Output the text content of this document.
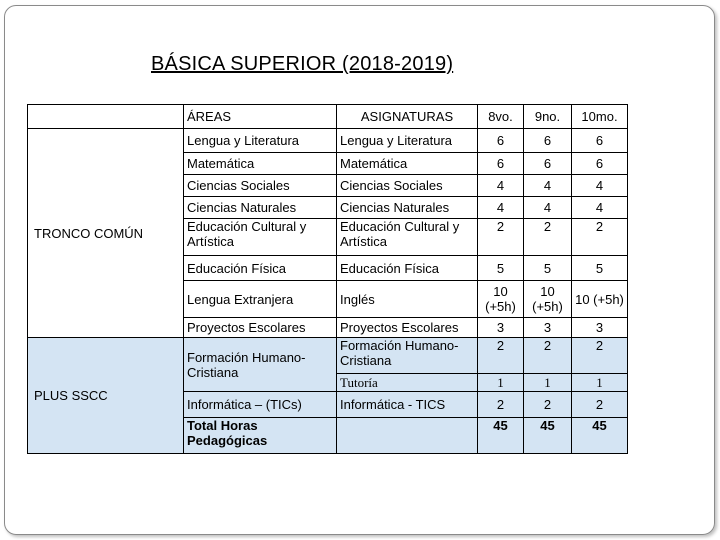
BÁSICA SUPERIOR (2018-2019)
	ÁREAS	ASIGNATURAS	8vo.	9no.	10mo.
TRONCO COMÚN	Lengua y Literatura	Lengua y Literatura	6	6	6
	Matemática	Matemática	6	6	6
	Ciencias Sociales	Ciencias Sociales	4	4	4
	Ciencias Naturales	Ciencias Naturales	4	4	4
	Educación Cultural y Artística	Educación Cultural y Artística	2	2	2
	Educación Física	Educación Física	5	5	5
	Lengua Extranjera	Inglés	10 (+5h)	10 (+5h)	10 (+5h)
	Proyectos Escolares	Proyectos Escolares	3	3	3
PLUS SSCC	Formación Humano-Cristiana	Formación Humano-Cristiana	2	2	2
		Tutoría	1	1	1
	Informática – (TICs)	Informática - TICS	2	2	2
	Total Horas Pedagógicas		45	45	45
